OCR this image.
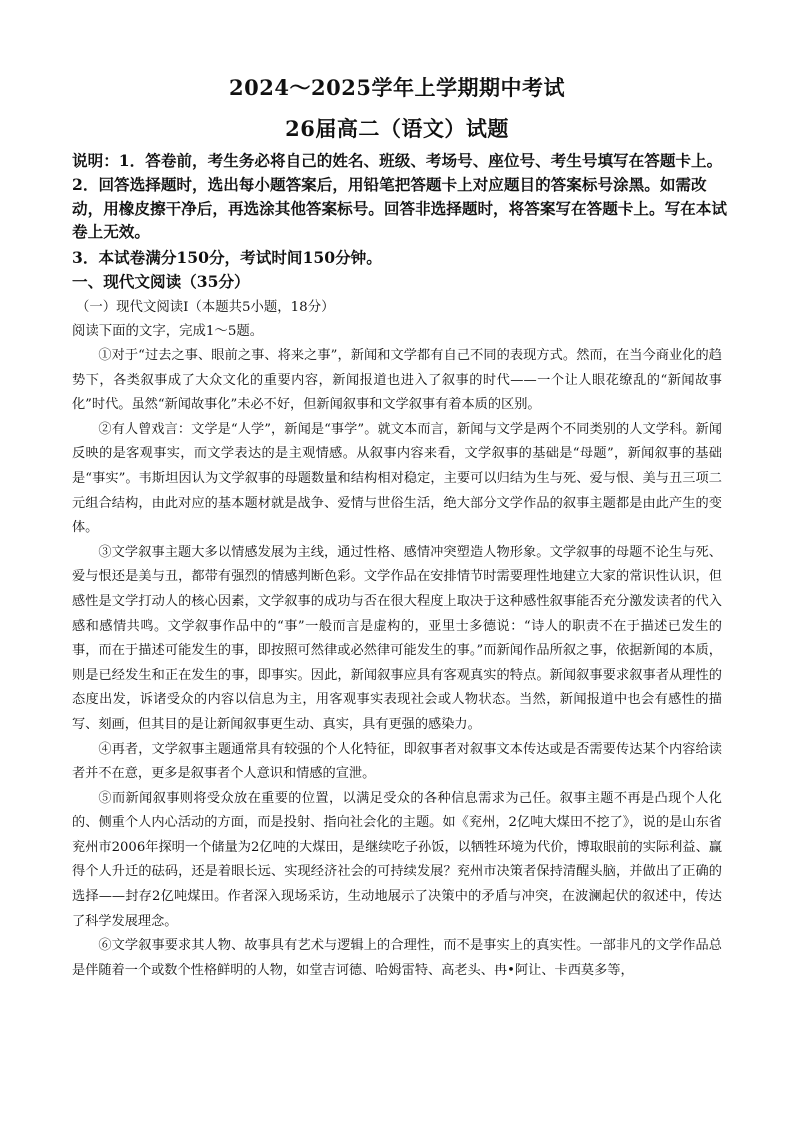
2024～2025学年上学期期中考试
26届高二（语文）试题

说明：1．答卷前，考生务必将自己的姓名、班级、考场号、座位号、考生号填写在答题卡上。

2．回答选择题时，选出每小题答案后，用铅笔把答题卡上对应题目的答案标号涂黑。如需改动，用橡皮擦干净后，再选涂其他答案标号。回答非选择题时，将答案写在答题卡上。写在本试卷上无效。

3．本试卷满分150分，考试时间150分钟。

一、现代文阅读（35分）

（一）现代文阅读Ⅰ（本题共5小题，18分）

阅读下面的文字，完成1～5题。

①对于“过去之事、眼前之事、将来之事”，新闻和文学都有自己不同的表现方式。然而，在当今商业化的趋势下，各类叙事成了大众文化的重要内容，新闻报道也进入了叙事的时代——一个让人眼花缭乱的“新闻故事化”时代。虽然“新闻故事化”未必不好，但新闻叙事和文学叙事有着本质的区别。

②有人曾戏言：文学是“人学”，新闻是“事学”。就文本而言，新闻与文学是两个不同类别的人文学科。新闻反映的是客观事实，而文学表达的是主观情感。从叙事内容来看，文学叙事的基础是“母题”，新闻叙事的基础是“事实”。韦斯坦因认为文学叙事的母题数量和结构相对稳定，主要可以归结为生与死、爱与恨、美与丑三项二元组合结构，由此对应的基本题材就是战争、爱情与世俗生活，绝大部分文学作品的叙事主题都是由此产生的变体。

③文学叙事主题大多以情感发展为主线，通过性格、感情冲突塑造人物形象。文学叙事的母题不论生与死、爱与恨还是美与丑，都带有强烈的情感判断色彩。文学作品在安排情节时需要理性地建立大家的常识性认识，但感性是文学打动人的核心因素，文学叙事的成功与否在很大程度上取决于这种感性叙事能否充分激发读者的代入感和感情共鸣。文学叙事作品中的“事”一般而言是虚构的，亚里士多德说：“诗人的职责不在于描述已发生的事，而在于描述可能发生的事，即按照可然律或必然律可能发生的事。”而新闻作品所叙之事，依据新闻的本质，则是已经发生和正在发生的事，即事实。因此，新闻叙事应具有客观真实的特点。新闻叙事要求叙事者从理性的态度出发，诉诸受众的内容以信息为主，用客观事实表现社会或人物状态。当然，新闻报道中也会有感性的描写、刻画，但其目的是让新闻叙事更生动、真实，具有更强的感染力。

④再者，文学叙事主题通常具有较强的个人化特征，即叙事者对叙事文本传达或是否需要传达某个内容给读者并不在意，更多是叙事者个人意识和情感的宣泄。

⑤而新闻叙事则将受众放在重要的位置，以满足受众的各种信息需求为己任。叙事主题不再是凸现个人化的、侧重个人内心活动的方面，而是投射、指向社会化的主题。如《兖州，2亿吨大煤田不挖了》，说的是山东省兖州市2006年探明一个储量为2亿吨的大煤田，是继续吃子孙饭，以牺牲环境为代价，博取眼前的实际利益、赢得个人升迁的砝码，还是着眼长远、实现经济社会的可持续发展？兖州市决策者保持清醒头脑，并做出了正确的选择——封存2亿吨煤田。作者深入现场采访，生动地展示了决策中的矛盾与冲突，在波澜起伏的叙述中，传达了科学发展理念。

⑥文学叙事要求其人物、故事具有艺术与逻辑上的合理性，而不是事实上的真实性。一部非凡的文学作品总是伴随着一个或数个性格鲜明的人物，如堂吉诃德、哈姆雷特、高老头、冉•阿让、卡西莫多等，
